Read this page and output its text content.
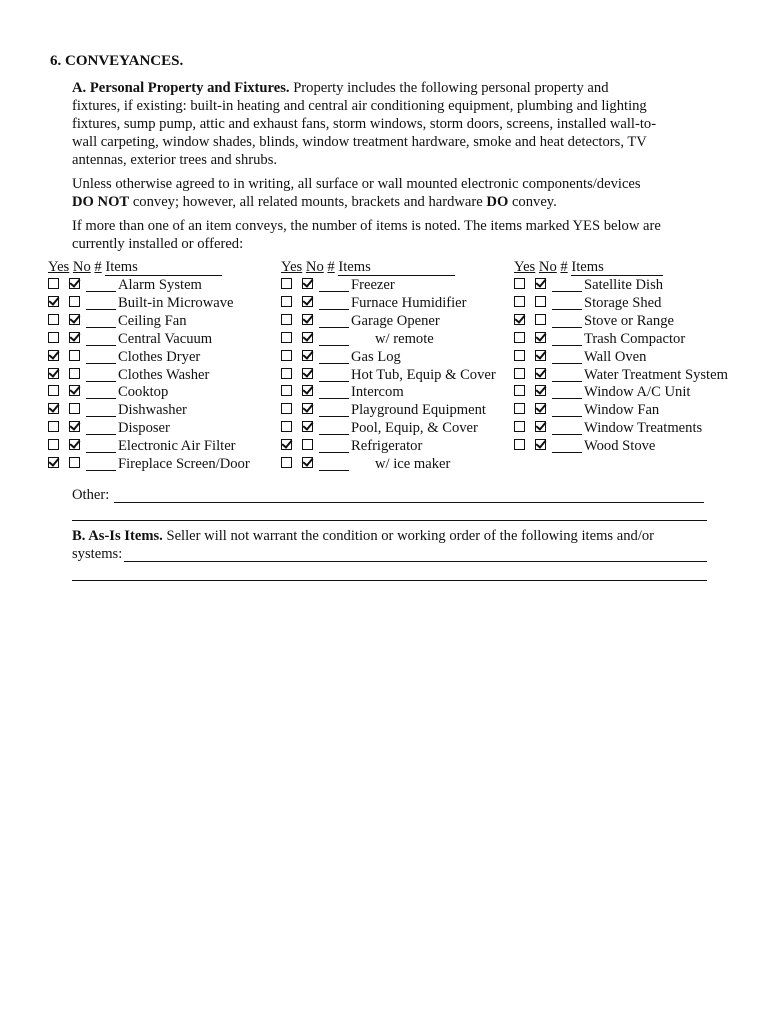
6. CONVEYANCES.

A. Personal Property and Fixtures. Property includes the following personal property and

fixtures, if existing: built-in heating and central air conditioning equipment, plumbing and lighting

fixtures, sump pump, attic and exhaust fans, storm windows, storm doors, screens, installed wall-to-

wall carpeting, window shades, blinds, window treatment hardware, smoke and heat detectors, TV

antennas, exterior trees and shrubs.

Unless otherwise agreed to in writing, all surface or wall mounted electronic components/devices

DO NOT convey; however, all related mounts, brackets and hardware DO convey.

If more than one of an item conveys, the number of items is noted. The items marked YES below are

currently installed or offered:

Yes No # Items	Yes No # Items	Yes No # Items
Alarm System
Built-in Microwave
Ceiling Fan
Central Vacuum
Clothes Dryer
Clothes Washer
Cooktop
Dishwasher
Disposer
Electronic Air Filter
Fireplace Screen/Door
Freezer
Furnace Humidifier
Garage Opener
w/ remote
Gas Log
Hot Tub, Equip & Cover
Intercom
Playground Equipment
Pool, Equip, & Cover
Refrigerator
w/ ice maker
Satellite Dish
Storage Shed
Stove or Range
Trash Compactor
Wall Oven
Water Treatment System
Window A/C Unit
Window Fan
Window Treatments
Wood Stove
Other:

B. As-Is Items. Seller will not warrant the condition or working order of the following items and/or

systems:
